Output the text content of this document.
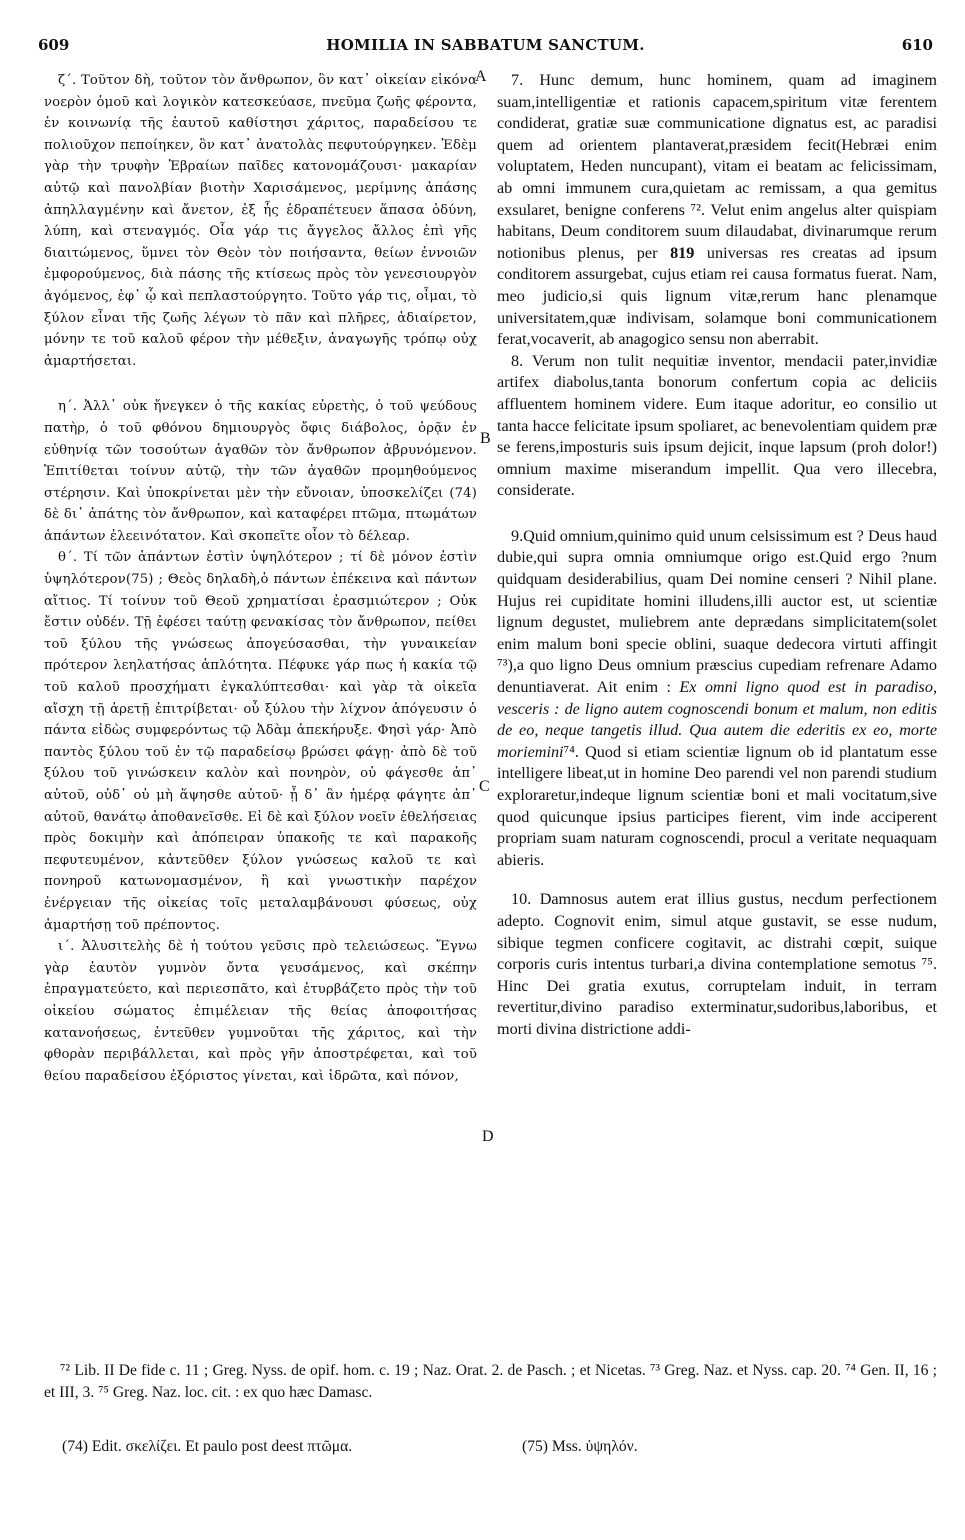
609	HOMILIA IN SABBATUM SANCTUM.	610

ζ΄. Τοῦτον δὴ, τοῦτον τὸν ἄνθρωπον, ὃν κατ᾽ οἰκείαν εἰκόνα νοερὸν ὁμοῦ καὶ λογικὸν κατεσκεύασε, πνεῦμα ζωῆς φέροντα, ἐν κοινωνίᾳ τῆς ἑαυτοῦ καθίστησι χάριτος, παραδείσου τε πολιοῦχον πεποίηκεν, ὃν κατ᾽ ἀνατολὰς πεφυτούργηκεν. Ἐδὲμ γὰρ τὴν τρυφὴν Ἑβραίων παῖδες κατονομάζουσι· μακαρίαν αὐτῷ καὶ πανολβίαν βιοτὴν Χαρισάμενος, μερίμνης ἁπάσης ἀπηλλαγμένην καὶ ἄνετον, ἐξ ἧς ἐδραπέτευεν ἅπασα ὀδύνη, λύπη, καὶ στεναγμός. Οἷα γάρ τις ἄγγελος ἄλλος ἐπὶ γῆς διαιτώμενος, ὕμνει τὸν Θεὸν τὸν ποιήσαντα, θείων ἐννοιῶν ἐμφορούμενος, διὰ πάσης τῆς κτίσεως πρὸς τὸν γενεσιουργὸν ἀγόμενος, ἐφ᾽ ᾧ καὶ πεπλαστούργητο. Τοῦτο γάρ τις, οἶμαι, τὸ ξύλον εἶναι τῆς ζωῆς λέγων τὸ πᾶν καὶ πλῆρες, ἀδιαίρετον, μόνην τε τοῦ καλοῦ φέρον τὴν μέθεξιν, ἀναγωγῆς τρόπῳ οὐχ ἁμαρτήσεται.

η΄. Ἀλλ᾽ οὐκ ἤνεγκεν ὁ τῆς κακίας εὑρετὴς, ὁ τοῦ ψεύδους πατὴρ, ὁ τοῦ φθόνου δημιουργὸς ὄφις διάβολος, ὁρᾷν ἐν εὐθηνίᾳ τῶν τοσούτων ἀγαθῶν τὸν ἄνθρωπον ἁβρυνόμενον. Ἐπιτίθεται τοίνυν αὐτῷ, τὴν τῶν ἀγαθῶν προμηθούμενος στέρησιν. Καὶ ὑποκρίνεται μὲν τὴν εὔνοιαν, ὑποσκελίζει (74) δὲ δι᾽ ἀπάτης τὸν ἄνθρωπον, καὶ καταφέρει πτῶμα, πτωμάτων ἁπάντων ἐλεεινότατον. Καὶ σκοπεῖτε οἷον τὸ δέλεαρ.

θ΄. Τί τῶν ἁπάντων ἐστὶν ὑψηλότερον ; τί δὲ μόνον ἐστὶν ὑψηλότερον(75) ; Θεὸς δηλαδὴ,ὁ πάντων ἐπέκεινα καὶ πάντων αἴτιος. Τί τοίνυν τοῦ Θεοῦ χρηματίσαι ἐρασμιώτερον ; Οὐκ ἔστιν οὐδέν. Τῇ ἐφέσει ταύτῃ φενακίσας τὸν ἄνθρωπον, πείθει τοῦ ξύλου τῆς γνώσεως ἀπογεύσασθαι, τὴν γυναικείαν πρότερον λεηλατήσας ἁπλότητα. Πέφυκε γάρ πως ἡ κακία τῷ τοῦ καλοῦ προσχήματι ἐγκαλύπτεσθαι· καὶ γὰρ τὰ οἰκεῖα αἴσχη τῇ ἀρετῇ ἐπιτρίβεται· οὗ ξύλου τὴν λίχνον ἀπόγευσιν ὁ πάντα εἰδὼς συμφερόντως τῷ Ἀδὰμ ἀπεκήρυξε. Φησὶ γάρ· Ἀπὸ παντὸς ξύλου τοῦ ἐν τῷ παραδείσῳ βρώσει φάγῃ· ἀπὸ δὲ τοῦ ξύλου τοῦ γινώσκειν καλὸν καὶ πονηρὸν, οὐ φάγεσθε ἀπ᾽ αὐτοῦ, οὐδ᾽ οὐ μὴ ἅψησθε αὐτοῦ· ᾗ δ᾽ ἂν ἡμέρᾳ φάγητε ἀπ᾽ αὐτοῦ, θανάτῳ ἀποθανεῖσθε. Εἰ δὲ καὶ ξύλον νοεῖν ἐθελήσειας πρὸς δοκιμὴν καὶ ἀπόπειραν ὑπακοῆς τε καὶ παρακοῆς πεφυτευμένον, κἀντεῦθεν ξύλον γνώσεως καλοῦ τε καὶ πονηροῦ κατωνομασμένον, ἢ καὶ γνωστικὴν παρέχον ἐνέργειαν τῆς οἰκείας τοῖς μεταλαμβάνουσι φύσεως, οὐχ ἁμαρτήσῃ τοῦ πρέποντος.

ι΄. Ἀλυσιτελὴς δὲ ἡ τούτου γεῦσις πρὸ τελειώσεως. Ἔγνω γὰρ ἑαυτὸν γυμνὸν ὄντα γευσάμενος, καὶ σκέπην ἐπραγματεύετο, καὶ περιεσπᾶτο, καὶ ἐτυρβάζετο πρὸς τὴν τοῦ οἰκείου σώματος ἐπιμέλειαν τῆς θείας ἀποφοιτήσας κατανοήσεως, ἐντεῦθεν γυμνοῦται τῆς χάριτος, καὶ τὴν φθορὰν περιβάλλεται, καὶ πρὸς γῆν ἀποστρέφεται, καὶ τοῦ θείου παραδείσου ἐξόριστος γίνεται, καὶ ἱδρῶτα, καὶ πόνον,

A
B
C
D

7. Hunc demum, hunc hominem, quam ad imaginem suam,intelligentiæ et rationis capacem,spiritum vitæ ferentem condiderat, gratiæ suæ communicatione dignatus est, ac paradisi quem ad orientem plantaverat,præsidem fecit(Hebræi enim voluptatem, Heden nuncupant), vitam ei beatam ac felicissimam, ab omni immunem cura,quietam ac remissam, a qua gemitus exsularet, benigne conferens ⁷². Velut enim angelus alter quispiam habitans, Deum conditorem suum dilaudabat, divinarumque rerum notionibus plenus, per 819 universas res creatas ad ipsum conditorem assurgebat, cujus etiam rei causa formatus fuerat. Nam, meo judicio,si quis lignum vitæ,rerum hanc plenamque universitatem,quæ indivisam, solamque boni communicationem ferat,vocaverit, ab anagogico sensu non aberrabit.

8. Verum non tulit nequitiæ inventor, mendacii pater,invidiæ artifex diabolus,tanta bonorum confertum copia ac deliciis affluentem hominem videre. Eum itaque adoritur, eo consilio ut tanta hacce felicitate ipsum spoliaret, ac benevolentiam quidem præ se ferens,imposturis suis ipsum dejicit, inque lapsum (proh dolor!) omnium maxime miserandum impellit. Qua vero illecebra, considerate.

9.Quid omnium,quinimo quid unum celsissimum est ? Deus haud dubie,qui supra omnia omniumque origo est.Quid ergo ?num quidquam desiderabilius, quam Dei nomine censeri ? Nihil plane. Hujus rei cupiditate homini illudens,illi auctor est, ut scientiæ lignum degustet, muliebrem ante deprædans simplicitatem(solet enim malum boni specie oblini, suaque dedecora virtuti affingit ⁷³),a quo ligno Deus omnium præscius cupediam refrenare Adamo denuntiaverat. Ait enim : Ex omni ligno quod est in paradiso, vesceris : de ligno autem cognoscendi bonum et malum, non editis de eo, neque tangetis illud. Qua autem die ederitis ex eo, morte moriemini⁷⁴. Quod si etiam scientiæ lignum ob id plantatum esse intelligere libeat,ut in homine Deo parendi vel non parendi studium exploraretur,indeque lignum scientiæ boni et mali vocitatum,sive quod quicunque ipsius participes fierent, vim inde acciperent propriam suam naturam cognoscendi, procul a veritate nequaquam abieris.

10. Damnosus autem erat illius gustus, necdum perfectionem adepto. Cognovit enim, simul atque gustavit, se esse nudum, sibique tegmen conficere cogitavit, ac distrahi cœpit, suique corporis curis intentus turbari,a divina contemplatione semotus ⁷⁵. Hinc Dei gratia exutus, corruptelam induit, in terram revertitur,divino paradiso exterminatur,sudoribus,laboribus, et morti divina districtione addi-

⁷² Lib. II De fide c. 11 ; Greg. Nyss. de opif. hom. c. 19 ; Naz. Orat. 2. de Pasch. ; et Nicetas. ⁷³ Greg. Naz. et Nyss. cap. 20. ⁷⁴ Gen. II, 16 ; et III, 3. ⁷⁵ Greg. Naz. loc. cit. : ex quo hæc Damasc.

(74) Edit. σκελίζει. Et paulo post deest πτῶμα.	(75) Mss. ὑψηλόν.
